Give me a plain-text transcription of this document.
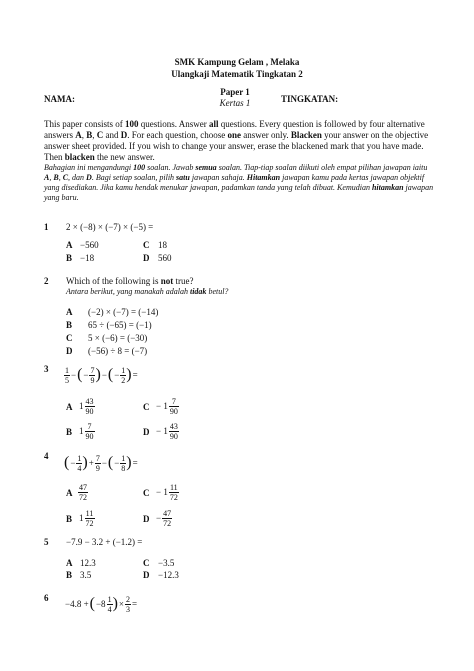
SMK Kampung Gelam , Melaka
Ulangkaji Matematik Tingkatan 2
NAMA:
Paper 1
Kertas 1	TINGKATAN:
This paper consists of 100 questions. Answer all questions. Every question is followed by four alternative answers A, B, C and D. For each question, choose one answer only. Blacken your answer on the objective answer sheet provided. If you wish to change your answer, erase the blackened mark that you have made. Then blacken the new answer.
Bahagian ini mengandungi 100 soalan. Jawab semua soalan. Tiap-tiap soalan diikuti oleh empat pilihan jawapan iaitu A, B, C, dan D. Bagi setiap soalan, pilih satu jawapan sahaja. Hitamkan jawapan kamu pada kertas jawapan objektif yang disediakan. Jika kamu hendak menukar jawapan, padamkan tanda yang telah dibuat. Kemudian hitamkan jawapan yang baru.
1 2 × (−8) × (−7) × (−5) =
A −560	C 18
B −18	D 560
2 Which of the following is not true?
Antara berikut, yang manakah adalah tidak betul?
A (−2) × (−7) = (−14)
B 65 ÷ (−65) = (−1)
C 5 × (−6) = (−30)
D (−56) ÷ 8 = (−7)
$3 \frac{1}{5}$ − ( − $\frac{7}{9}$ ) − ( − $\frac{1}{2}$ ) =
A $1 \frac{43}{90}$	$C - 1 \frac{7}{90}$
B $1 \frac{7}{90}$	$D - 1 \frac{43}{90}$
4 ( − $\frac{1}{4}$ ) + $\frac{7}{9}$ − ( − $\frac{1}{8}$ ) =
A $\frac{47}{72}$	$C - 1 \frac{11}{72}$
B $1 \frac{11}{72}$	$D - \frac{47}{72}$
5 −7.9 − 3.2 + (−1.2) =
A 12.3	C −3.5
B 3.5	D −12.3
6
−4.8 + ( $-8 \frac{1}{4}$ ) × $\frac{2}{3}$ =
